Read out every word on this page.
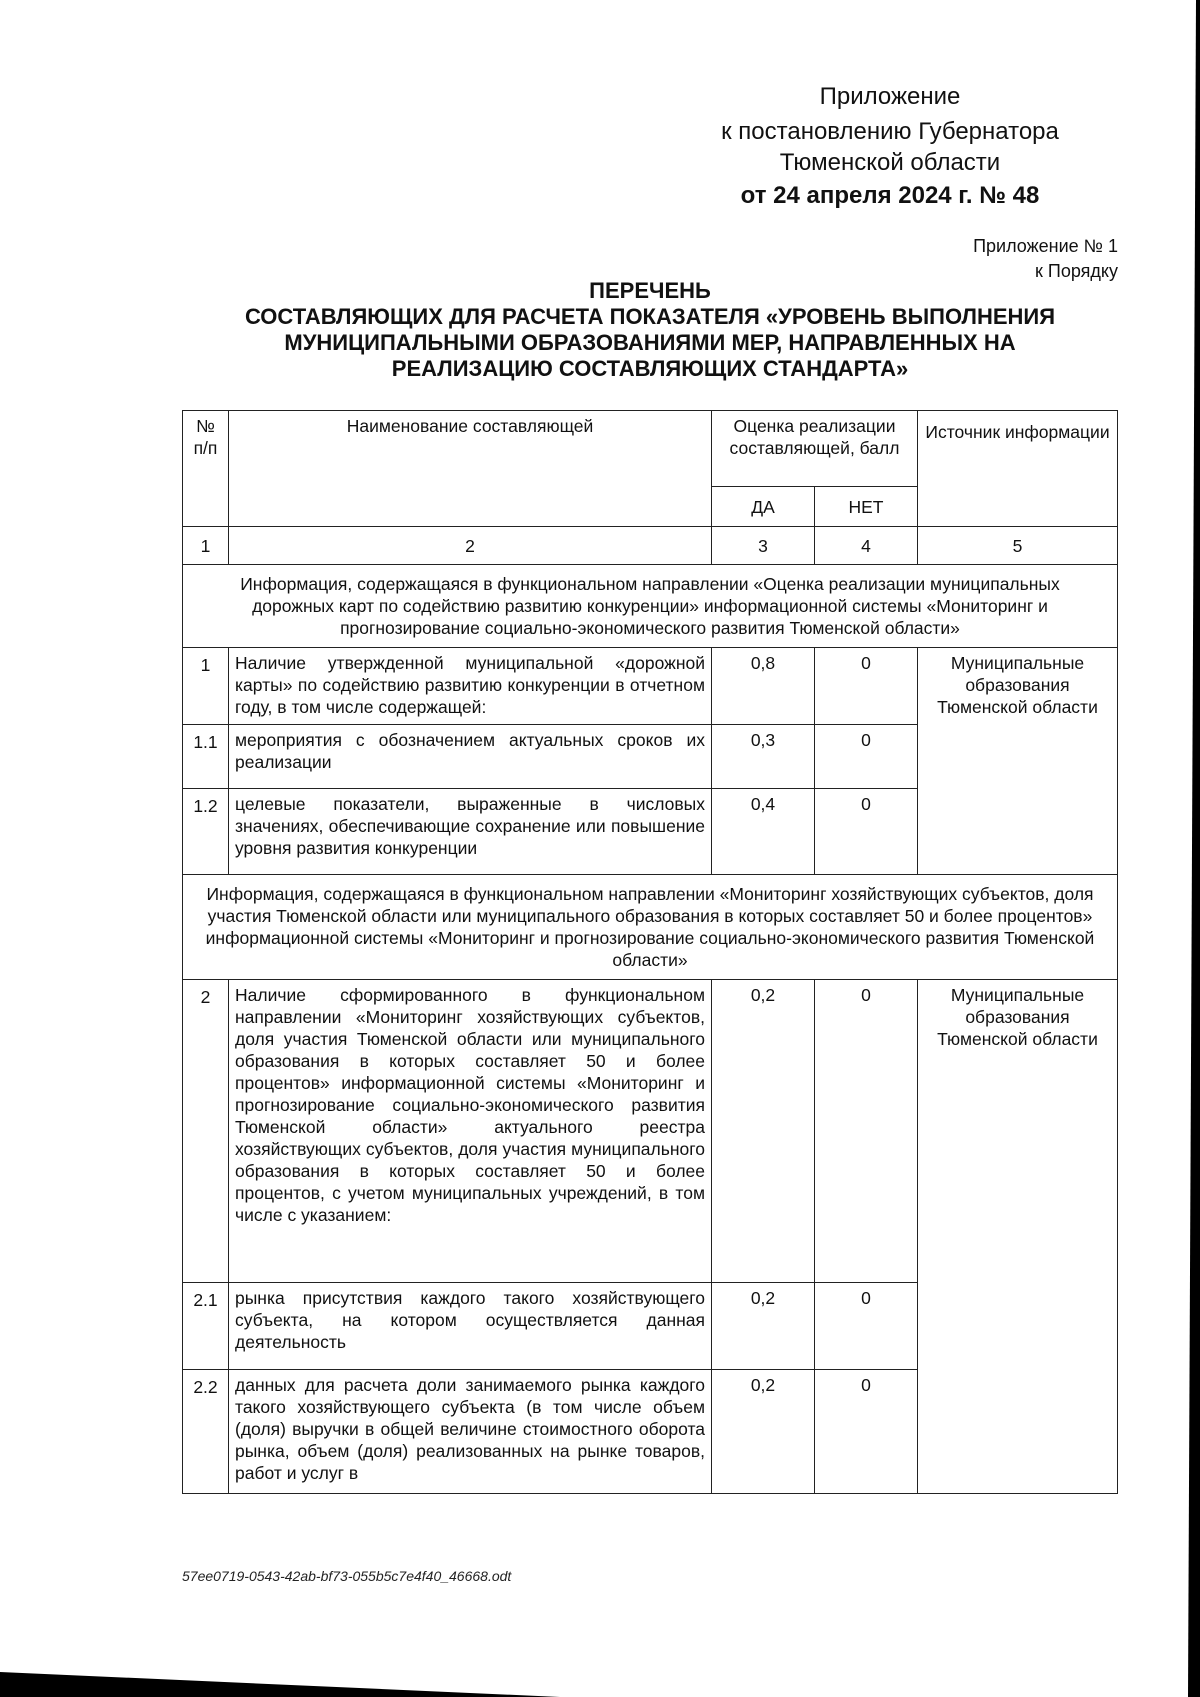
Приложение
к постановлению Губернатора
Тюменской области
от 24 апреля 2024 г. № 48
Приложение № 1
к Порядку
ПЕРЕЧЕНЬ
СОСТАВЛЯЮЩИХ ДЛЯ РАСЧЕТА ПОКАЗАТЕЛЯ «УРОВЕНЬ ВЫПОЛНЕНИЯ
МУНИЦИПАЛЬНЫМИ ОБРАЗОВАНИЯМИ МЕР, НАПРАВЛЕННЫХ НА
РЕАЛИЗАЦИЮ СОСТАВЛЯЮЩИХ СТАНДАРТА»
№ п/п	Наименование составляющей	Оценка реализации составляющей, балл		Источник информации
		ДА	НЕТ	
1	2	3	4	5
Информация, содержащаяся в функциональном направлении «Оценка реализации муниципальных дорожных карт по содействию развитию конкуренции» информационной системы «Мониторинг и прогнозирование социально-экономического развития Тюменской области»				
1	Наличие утвержденной муниципальной «дорожной карты» по содействию развитию конкуренции в отчетном году, в том числе содержащей:	0,8	0	Муниципальные образования Тюменской области
1.1	мероприятия с обозначением актуальных сроков их реализации	0,3	0	
1.2	целевые показатели, выраженные в числовых значениях, обеспечивающие сохранение или повышение уровня развития конкуренции	0,4	0	
Информация, содержащаяся в функциональном направлении «Мониторинг хозяйствующих субъектов, доля участия Тюменской области или муниципального образования в которых составляет 50 и более процентов» информационной системы «Мониторинг и прогнозирование социально-экономического развития Тюменской области»				
2	Наличие сформированного в функциональном направлении «Мониторинг хозяйствующих субъектов, доля участия Тюменской области или муниципального образования в которых составляет 50 и более процентов» информационной системы «Мониторинг и прогнозирование социально-экономического развития Тюменской области» актуального реестра хозяйствующих субъектов, доля участия муниципального образования в которых составляет 50 и более процентов, с учетом муниципальных учреждений, в том числе с указанием:	0,2	0	Муниципальные образования Тюменской области
2.1	рынка присутствия каждого такого хозяйствующего субъекта, на котором осуществляется данная деятельность	0,2	0	
2.2	данных для расчета доли занимаемого рынка каждого такого хозяйствующего субъекта (в том числе объем (доля) выручки в общей величине стоимостного оборота рынка, объем (доля) реализованных на рынке товаров, работ и услуг в	0,2	0	
57ee0719-0543-42ab-bf73-055b5c7e4f40_46668.odt
